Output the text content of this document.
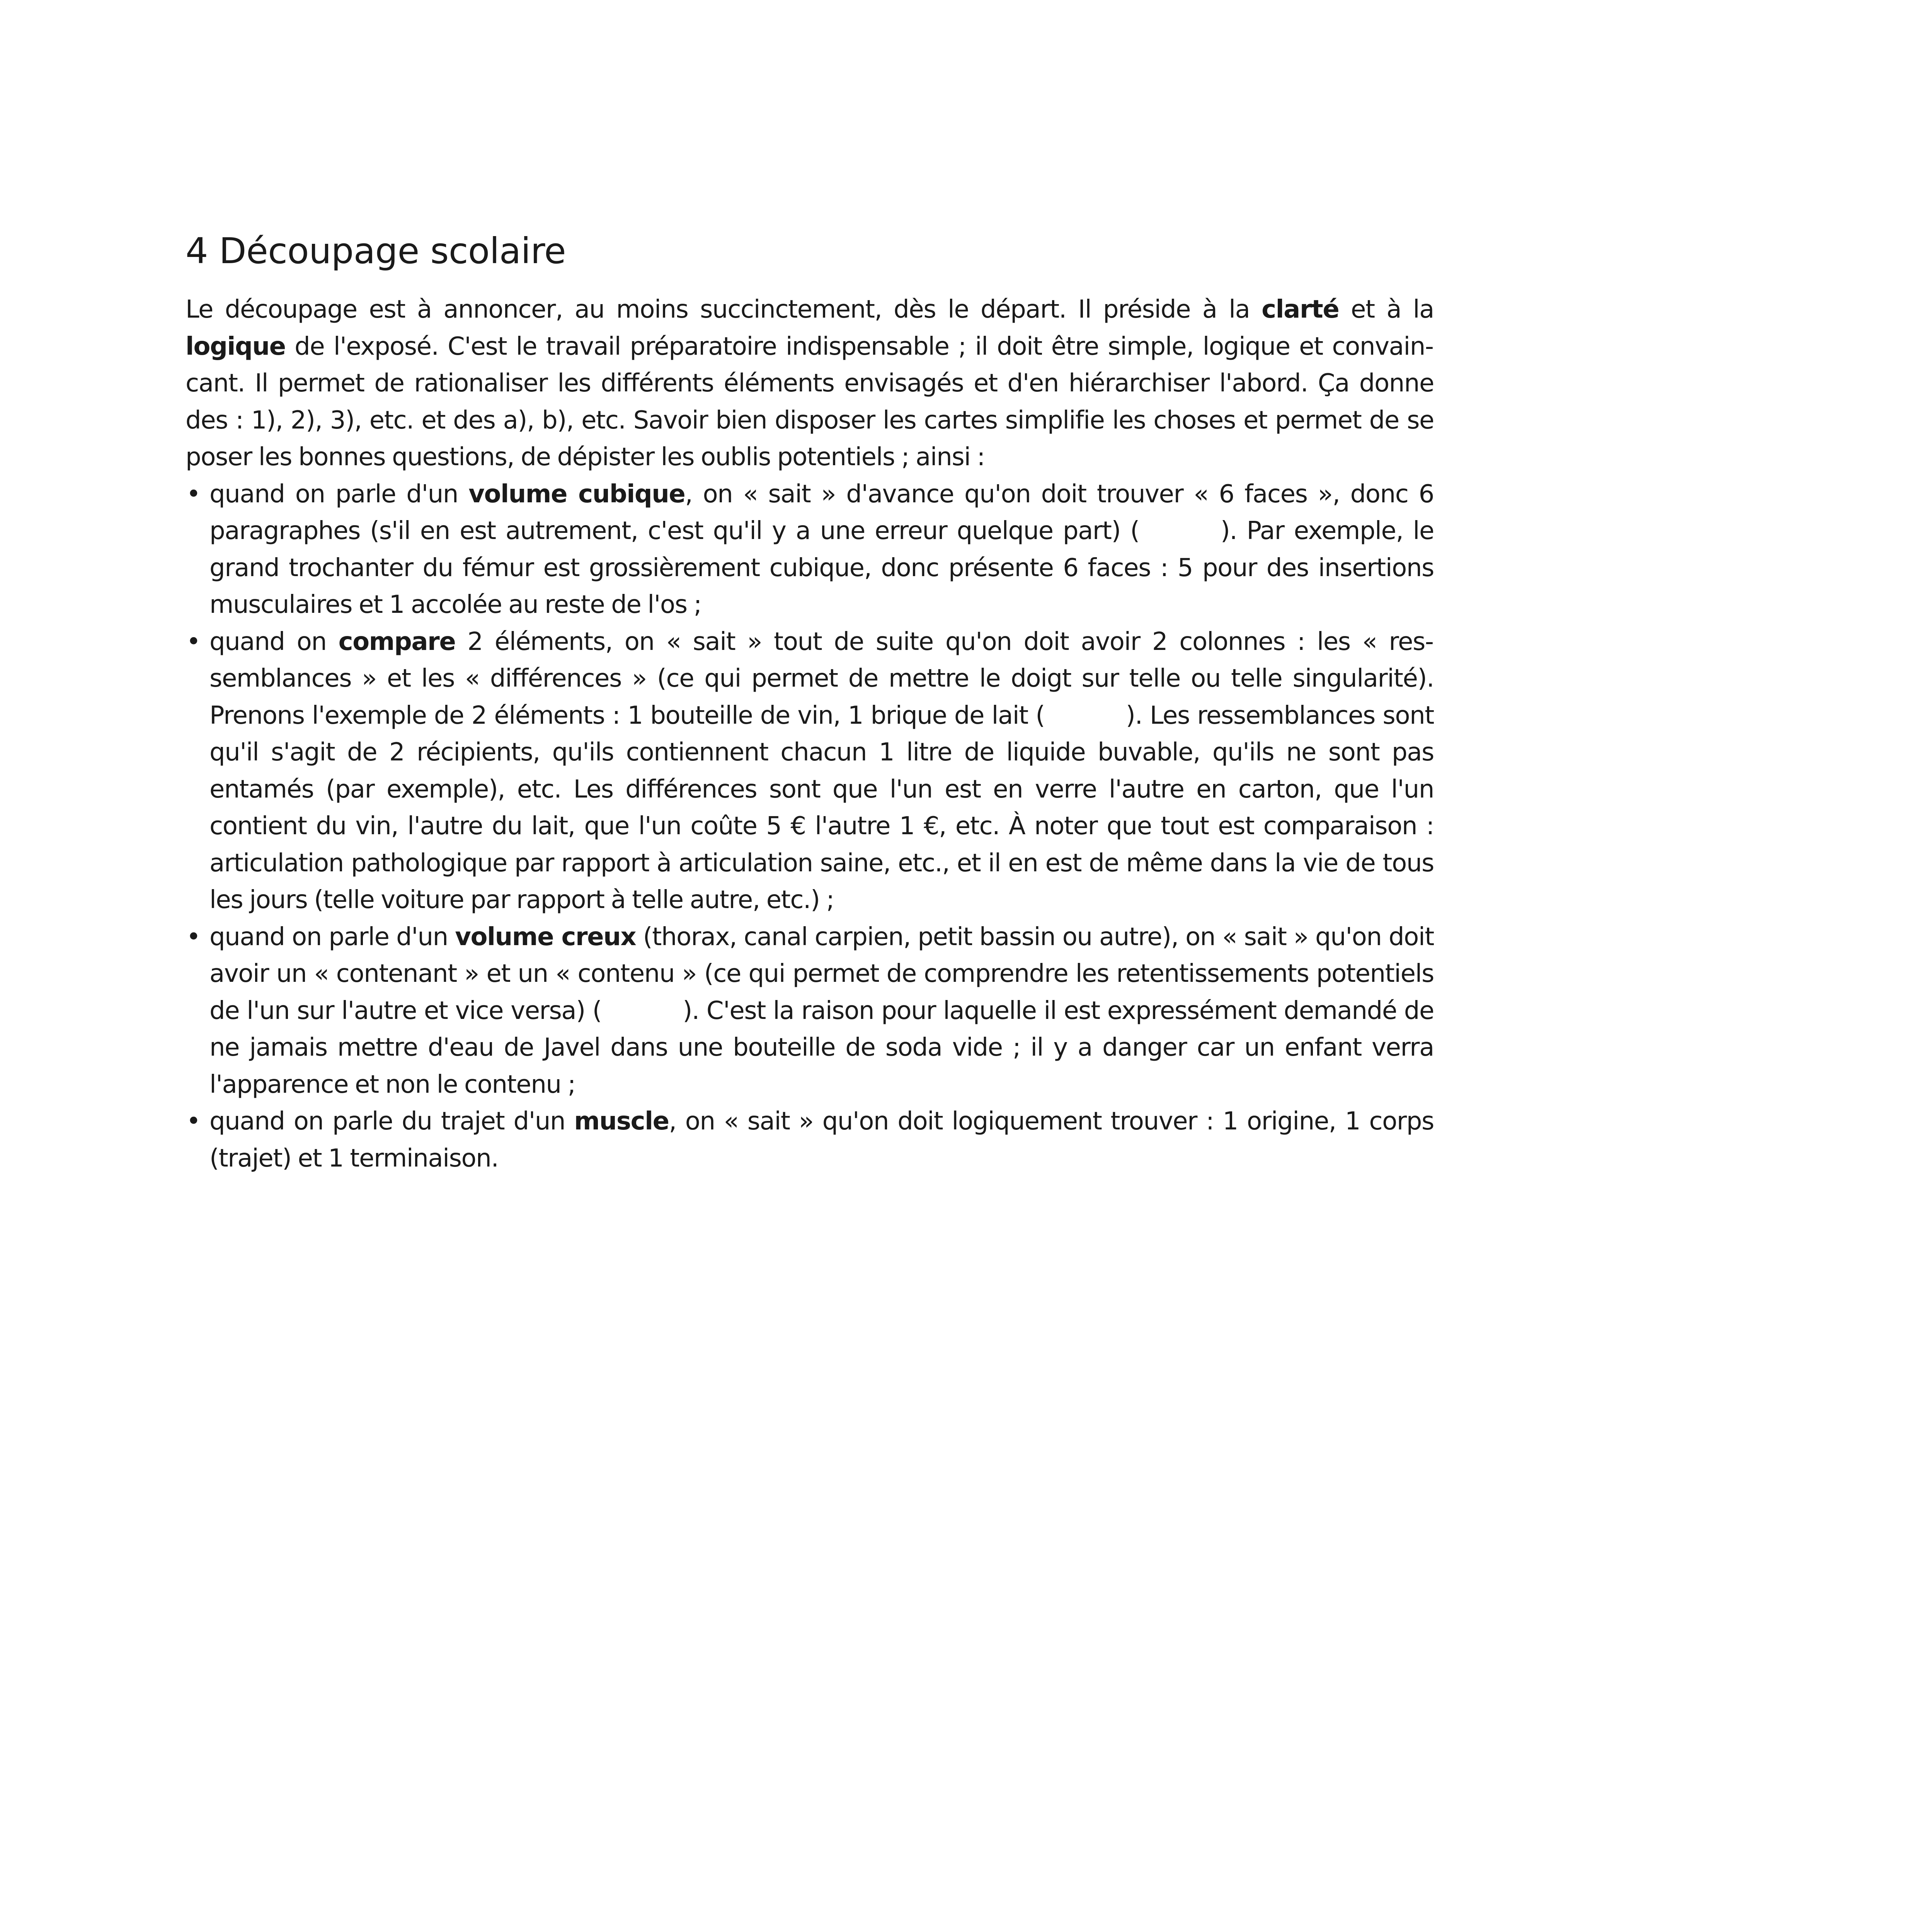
4 Découpage scolaire

Le découpage est à annoncer, au moins succinctement, dès le départ. Il préside à la clarté et à la logique de l'exposé. C'est le travail préparatoire indispensable ; il doit être simple, logique et convaincant. Il permet de rationaliser les différents éléments envisagés et d'en hiérarchiser l'abord. Ça donne des : 1), 2), 3), etc. et des a), b), etc. Savoir bien disposer les cartes simplifie les choses et permet de se poser les bonnes questions, de dépister les oublis potentiels ; ainsi :

• quand on parle d'un volume cubique, on « sait » d'avance qu'on doit trouver « 6 faces », donc 6 paragraphes (s'il en est autrement, c'est qu'il y a une erreur quelque part) (	). Par exemple, le grand trochanter du fémur est grossièrement cubique, donc présente 6 faces : 5 pour des insertions musculaires et 1 accolée au reste de l'os ;
• quand on compare 2 éléments, on « sait » tout de suite qu'on doit avoir 2 colonnes : les « ressemblances » et les « différences » (ce qui permet de mettre le doigt sur telle ou telle singularité). Prenons l'exemple de 2 éléments : 1 bouteille de vin, 1 brique de lait (	). Les ressemblances sont qu'il s'agit de 2 récipients, qu'ils contiennent chacun 1 litre de liquide buvable, qu'ils ne sont pas entamés (par exemple), etc. Les différences sont que l'un est en verre l'autre en carton, que l'un contient du vin, l'autre du lait, que l'un coûte 5 € l'autre 1 €, etc. À noter que tout est comparaison : articulation pathologique par rapport à articulation saine, etc., et il en est de même dans la vie de tous les jours (telle voiture par rapport à telle autre, etc.) ;
• quand on parle d'un volume creux (thorax, canal carpien, petit bassin ou autre), on « sait » qu'on doit avoir un « contenant » et un « contenu » (ce qui permet de comprendre les retentissements potentiels de l'un sur l'autre et vice versa) (	). C'est la raison pour laquelle il est expressément demandé de ne jamais mettre d'eau de Javel dans une bouteille de soda vide ; il y a danger car un enfant verra l'apparence et non le contenu ;
• quand on parle du trajet d'un muscle, on « sait » qu'on doit logiquement trouver : 1 origine, 1 corps (trajet) et 1 terminaison.
